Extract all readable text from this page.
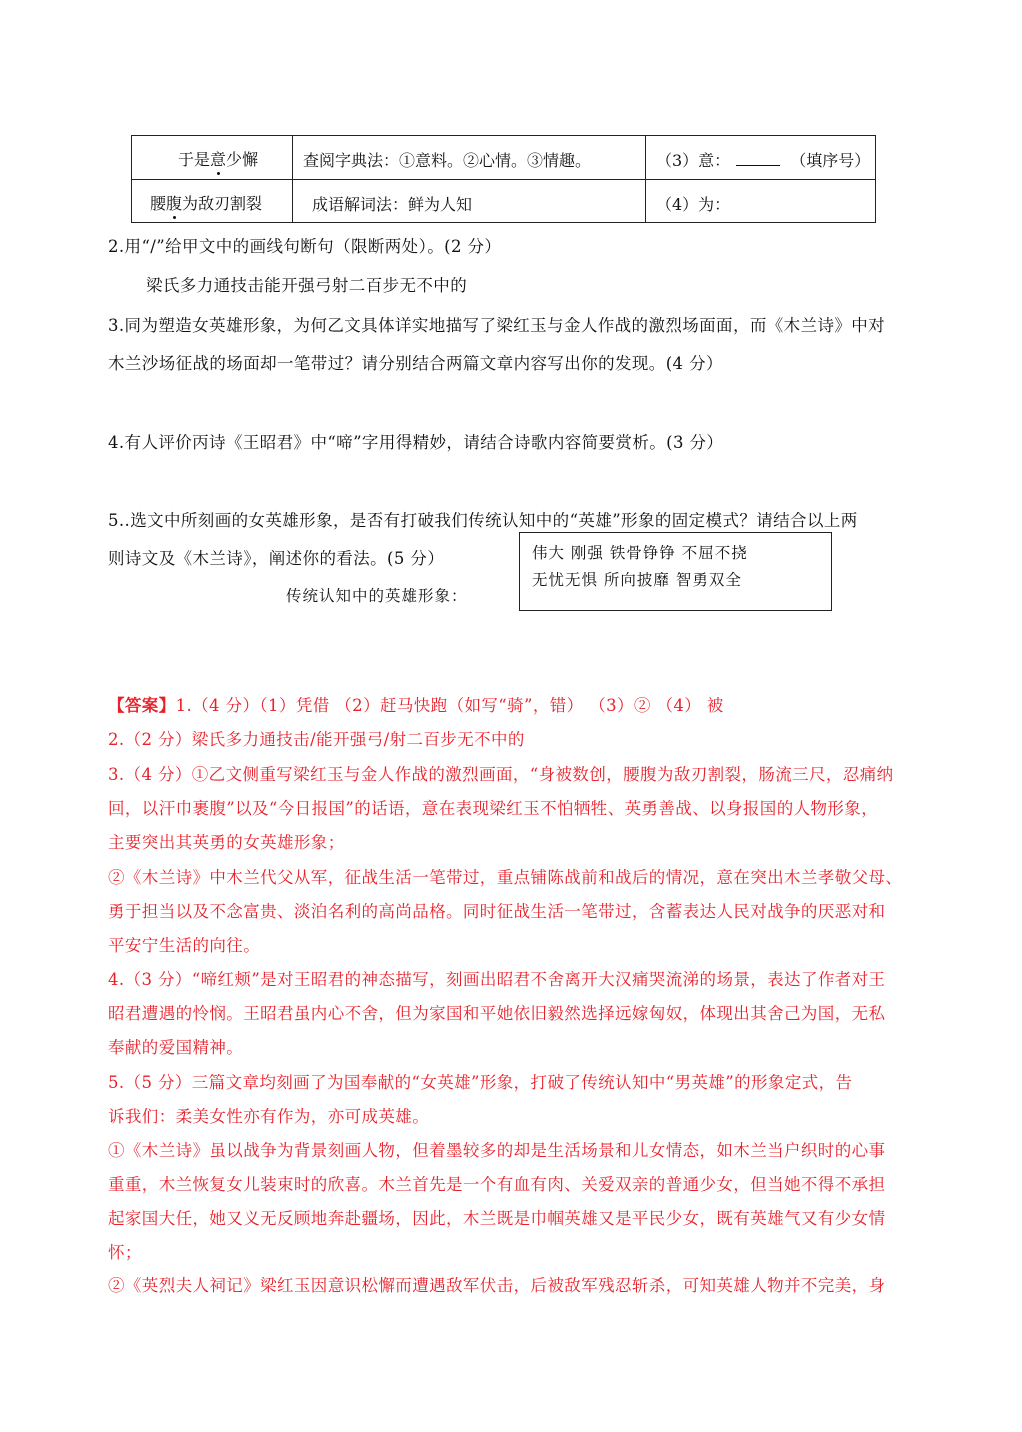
于是意少懈	查阅字典法：①意料。②心情。③情趣。	（3）意：	（填序号）
腰腹为敌刃割裂	成语解词法：鲜为人知	（4）为：
2.用“/”给甲文中的画线句断句（限断两处）。(2 分）
梁氏多力通技击能开强弓射二百步无不中的
3.同为塑造女英雄形象，为何乙文具体详实地描写了梁红玉与金人作战的激烈场面面，而《木兰诗》中对
木兰沙场征战的场面却一笔带过？请分别结合两篇文章内容写出你的发现。(4 分）
4.有人评价丙诗《王昭君》中“啼”字用得精妙，请结合诗歌内容简要赏析。(3 分）
5..选文中所刻画的女英雄形象，是否有打破我们传统认知中的“英雄”形象的固定模式？请结合以上两
则诗文及《木兰诗》，阐述你的看法。(5 分）
传统认知中的英雄形象：
伟大 刚强 铁骨铮铮 不屈不挠
无忧无惧 所向披靡 智勇双全
【答案】1.（4 分）（1）凭借 （2）赶马快跑（如写“骑”，错） （3）② （4） 被
2.（2 分）梁氏多力通技击/能开强弓/射二百步无不中的
3.（4 分）①乙文侧重写梁红玉与金人作战的激烈画面，“身被数创，腰腹为敌刃割裂，肠流三尺，忍痛纳
回，以汗巾裹腹”以及“今日报国”的话语，意在表现梁红玉不怕牺牲、英勇善战、以身报国的人物形象，
主要突出其英勇的女英雄形象；
②《木兰诗》中木兰代父从军，征战生活一笔带过，重点铺陈战前和战后的情况，意在突出木兰孝敬父母、
勇于担当以及不念富贵、淡泊名利的高尚品格。同时征战生活一笔带过，含蓄表达人民对战争的厌恶对和
平安宁生活的向往。
4.（3 分）“啼红颊”是对王昭君的神态描写，刻画出昭君不舍离开大汉痛哭流涕的场景，表达了作者对王
昭君遭遇的怜悯。王昭君虽内心不舍，但为家国和平她依旧毅然选择远嫁匈奴，体现出其舍己为国，无私
奉献的爱国精神。
5.（5 分）三篇文章均刻画了为国奉献的“女英雄”形象，打破了传统认知中“男英雄”的形象定式，告
诉我们：柔美女性亦有作为，亦可成英雄。
①《木兰诗》虽以战争为背景刻画人物，但着墨较多的却是生活场景和儿女情态，如木兰当户织时的心事
重重，木兰恢复女儿装束时的欣喜。木兰首先是一个有血有肉、关爱双亲的普通少女，但当她不得不承担
起家国大任，她又义无反顾地奔赴疆场，因此，木兰既是巾帼英雄又是平民少女，既有英雄气又有少女情
怀；
②《英烈夫人祠记》梁红玉因意识松懈而遭遇敌军伏击，后被敌军残忍斩杀，可知英雄人物并不完美，身
